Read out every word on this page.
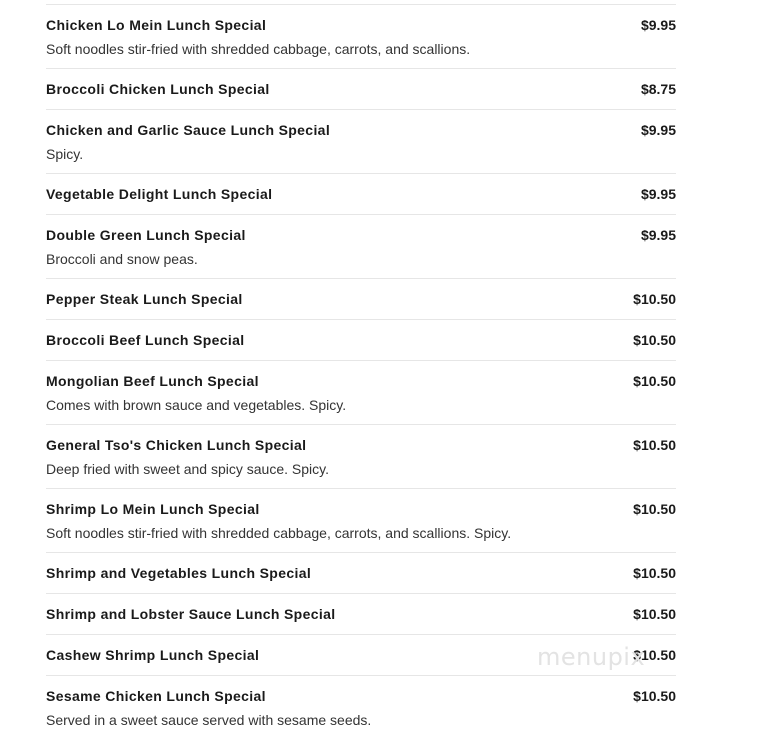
Chicken Lo Mein Lunch Special	$9.95
Soft noodles stir-fried with shredded cabbage, carrots, and scallions.
Broccoli Chicken Lunch Special	$8.75
Chicken and Garlic Sauce Lunch Special	$9.95
Spicy.
Vegetable Delight Lunch Special	$9.95
Double Green Lunch Special	$9.95
Broccoli and snow peas.
Pepper Steak Lunch Special	$10.50
Broccoli Beef Lunch Special	$10.50
Mongolian Beef Lunch Special	$10.50
Comes with brown sauce and vegetables. Spicy.
General Tso's Chicken Lunch Special	$10.50
Deep fried with sweet and spicy sauce. Spicy.
Shrimp Lo Mein Lunch Special	$10.50
Soft noodles stir-fried with shredded cabbage, carrots, and scallions. Spicy.
Shrimp and Vegetables Lunch Special	$10.50
Shrimp and Lobster Sauce Lunch Special	$10.50
Cashew Shrimp Lunch Special	$10.50
Sesame Chicken Lunch Special	$10.50
Served in a sweet sauce served with sesame seeds.
menupix
